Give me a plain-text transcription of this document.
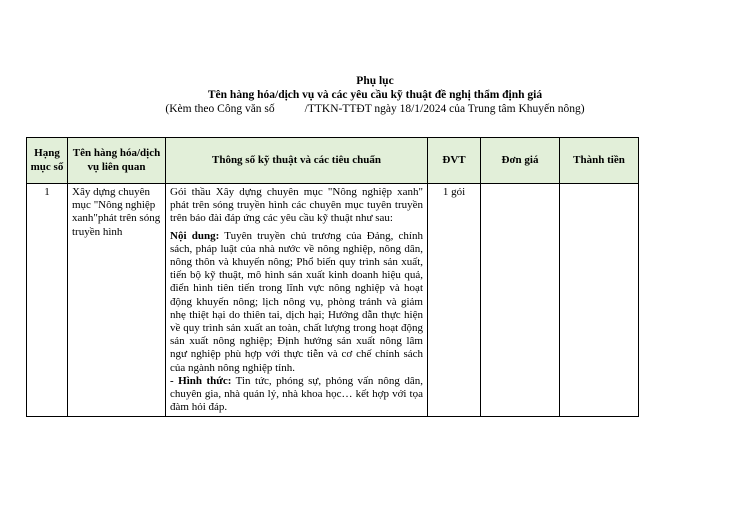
Phụ lục
Tên hàng hóa/dịch vụ và các yêu cầu kỹ thuật đề nghị thẩm định giá
(Kèm theo Công văn số	/TTKN-TTĐT ngày 18/1/2024 của Trung tâm Khuyến nông)
Hạng mục số	Tên hàng hóa/dịch vụ liên quan	Thông số kỹ thuật và các tiêu chuẩn	ĐVT	Đơn giá	Thành tiền
1	Xây dựng chuyên mục "Nông nghiệp xanh"phát trên sóng truyền hình	Gói thầu Xây dựng chuyên mục "Nông nghiệp xanh" phát trên sóng truyền hình các chuyên mục tuyên truyền trên báo đài đáp ứng các yêu cầu kỹ thuật như sau:

Nội dung: Tuyên truyền chủ trương của Đảng, chính sách, pháp luật của nhà nước về nông nghiệp, nông dân, nông thôn và khuyến nông; Phổ biến quy trình sản xuất, tiến bộ kỹ thuật, mô hình sản xuất kinh doanh hiệu quả, điển hình tiên tiến trong lĩnh vực nông nghiệp và hoạt động khuyến nông; lịch nông vụ, phòng tránh và giảm nhẹ thiệt hại do thiên tai, dịch hại; Hướng dẫn thực hiện về quy trình sản xuất an toàn, chất lượng trong hoạt động sản xuất nông nghiệp; Định hướng sản xuất nông lâm ngư nghiệp phù hợp với thực tiễn và cơ chế chính sách của ngành nông nghiệp tỉnh.

- Hình thức: Tin tức, phóng sự, phỏng vấn nông dân, chuyên gia, nhà quản lý, nhà khoa học… kết hợp với tọa đàm hỏi đáp.	1 gói		
